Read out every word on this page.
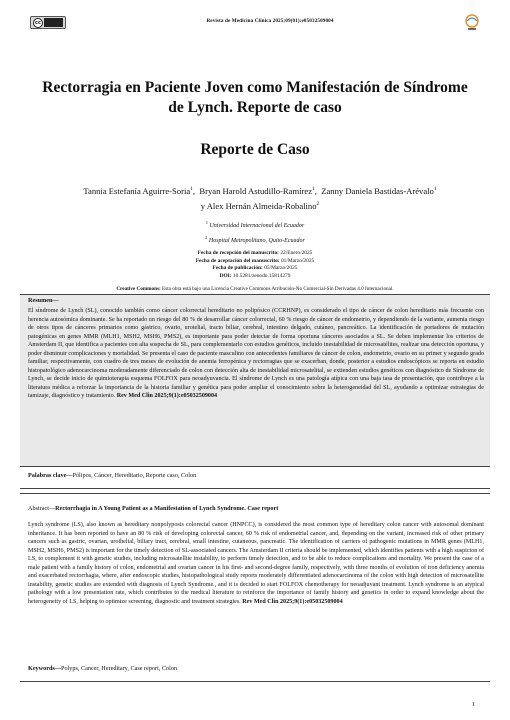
cc	Revista de Medicina Clínica 2025;09(01):e05032509004
Rectorragia en Paciente Joven como Manifestación de Síndrome de Lynch. Reporte de caso
Reporte de Caso
Tannia Estefanía Aguirre-Soria$^1$, Bryan Harold Astudillo-Ramírez$^1$, Zanny Daniela Bastidas-Arévalo$^1$
y Alex Hernán Almeida-Robalino$^2$
$^1$ Universidad Internacional del Ecuador
$^2$ Hospital Metropolitano, Quito-Ecuador
Fecha de recepción del manuscrito: 22/Enero/2025
Fecha de aceptación del manuscrito: 01/Marzo/2025
Fecha de publicación: 05/Marzo/2025
DOI: 10.5281/zenodo.15814279
Creative Commons: Esta obra está bajo una Licencia Creative Commons Atribución-No Comercial-Sin Derivadas 4.0 Internacional.
Resumen—
El síndrome de Lynch (SL), conocido también como cáncer colorrectal hereditario no polipósico (CCRHNP), es considerado el tipo de cáncer de colon hereditario más frecuente con herencia autosómica dominante. Se ha reportado un riesgo del 80 % de desarrollar cáncer colorrectal, 60 % riesgo de cáncer de endometrio, y dependiendo de la variante, aumenta riesgo de otros tipos de cánceres primarios como gástrico, ovario, urotelial, tracto biliar, cerebral, intestino delgado, cutáneo, pancreático. La identificación de portadores de mutación patogénicas en genes MMR (MLH1, MSH2, MSH6, PMS2), es importante para poder detectar de forma oportuna cánceres asociados a SL. Se deben implementar los criterios de Amsterdam II, que identifica a pacientes con alta sospecha de SL, para complementarlo con estudios genéticos, incluido inestabilidad de microsatélites, realizar una detección oportuna, y poder disminuir complicaciones y mortalidad. Se presenta el caso de paciente masculino con antecedentes familiares de cáncer de colon, endometrio, ovario en su primer y segundo grado familiar, respectivamente, con cuadro de tres meses de evolución de anemia ferropénica y rectorragias que se exacerban, donde, posterior a estudios endoscópicos se reporta en estudio histopatológico adenocarcinoma moderadamente diferenciado de colon con detección alta de inestabilidad microsatelital, se extienden estudios genéticos con diagnóstico de Síndrome de Lynch, se decide inicio de quimioterapia esquema FOLFOX para neoadyuvancia. El síndrome de Lynch es una patología atípica con una baja tasa de presentación, que contribuye a la literatura médica a reforzar la importancia de la historia familiar y genética para poder ampliar el conocimiento sobre la heterogeneidad del SL, ayudando a optimizar estrategias de tamizaje, diagnóstico y tratamiento. Rev Med Clin 2025;9(1):e05032509004
Palabras clave—Pólipos, Cáncer, Hereditario, Reporte caso, Colon
Abstract—Rectorrhagia in A Young Patient as a Manifestation of Lynch Syndrome. Case report
Lynch syndrome (LS), also known as hereditary nonpolyposis colorectal cancer (HNPCC), is considered the most common type of hereditary colon cancer with autosomal dominant inheritance. It has been reported to have an 80 % risk of developing colorectal cancer, 60 % risk of endometrial cancer, and, depending on the variant, increased risk of other primary cancers such as gastric, ovarian, urothelial, biliary tract, cerebral, small intestine, cutaneous, pancreatic. The identification of carriers of pathogenic mutations in MMR genes (MLH1, MSH2, MSH6, PMS2) is important for the timely detection of SL-associated cancers. The Amsterdam II criteria should be implemented, which identifies patients with a high suspicion of LS, to complement it with genetic studies, including microsatellite instability, to perform timely detection, and to be able to reduce complications and mortality. We present the case of a male patient with a family history of colon, endometrial and ovarian cancer in his first- and second-degree family, respectively, with three months of evolution of iron deficiency anemia and exacerbated rectorrhagia, where, after endoscopic studies, histopathological study reports moderately differentiated adenocarcinoma of the colon with high detection of microsatellite instability, genetic studies are extended with diagnosis of Lynch Syndrome., and it is decided to start FOLFOX chemotherapy for neoadjuvant treatment. Lynch syndrome is an atypical pathology with a low presentation rate, which contributes to the medical literature to reinforce the importance of family history and genetics in order to expand knowledge about the heterogeneity of LS, helping to optimize screening, diagnostic and treatment strategies. Rev Med Clin 2025;9(1):e05032509004
Keywords—Polyps, Cancer, Hereditary, Case report, Colon
1
